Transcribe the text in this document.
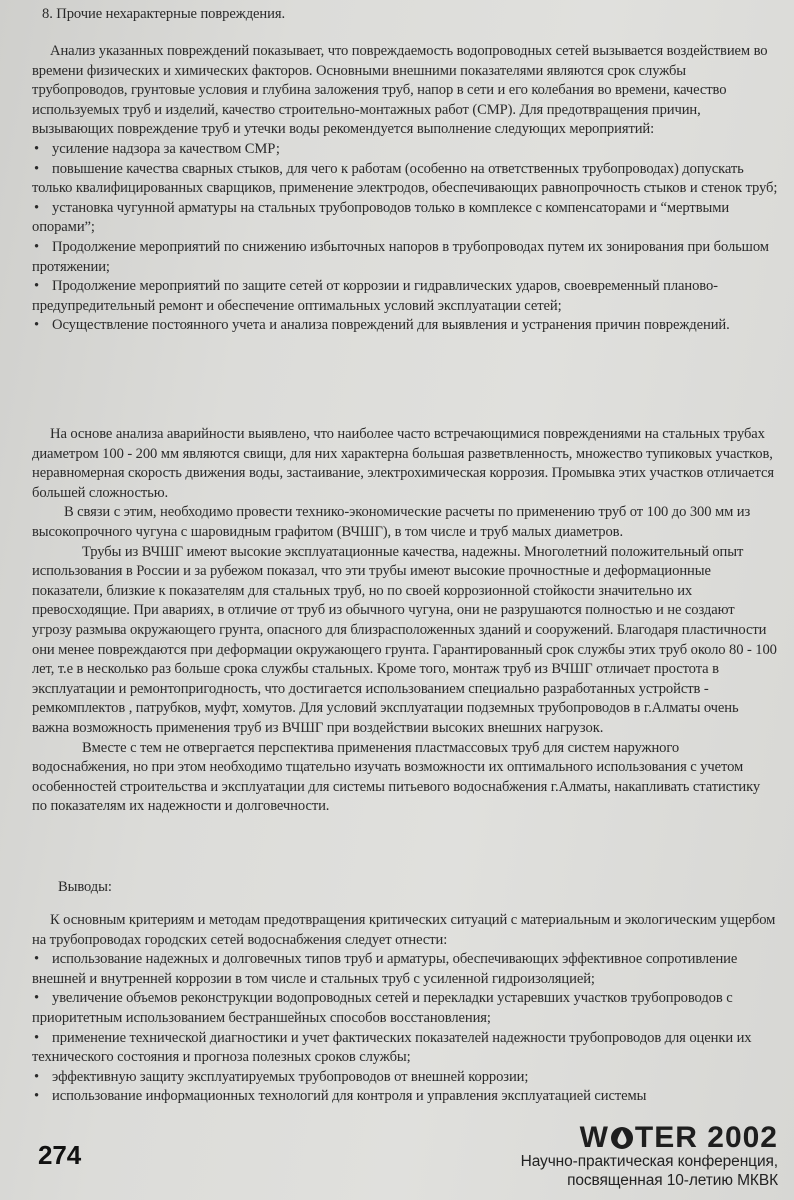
8. Прочие нехарактерные повреждения.

Анализ указанных повреждений показывает, что повреждаемость водопроводных сетей вызывается воздействием во времени физических и химических факторов. Основными внешними показателями являются срок службы трубопроводов, грунтовые условия и глубина заложения труб, напор в сети и его колебания во времени, качество используемых труб и изделий, качество строительно-монтажных работ (СМР). Для предотвращения причин, вызывающих повреждение труб и утечки воды рекомендуется выполнение следующих мероприятий:

• усиление надзора за качеством СМР;
• повышение качества сварных стыков, для чего к работам (особенно на ответственных трубопроводах) допускать только квалифицированных сварщиков, применение электродов, обеспечивающих равнопрочность стыков и стенок труб;
• установка чугунной арматуры на стальных трубопроводов только в комплексе с компенсаторами и “мертвыми опорами”;
• Продолжение мероприятий по снижению избыточных напоров в трубопроводах путем их зонирования при большом протяжении;
• Продолжение мероприятий по защите сетей от коррозии и гидравлических ударов, своевременный планово-предупредительный ремонт и обеспечение оптимальных условий эксплуатации сетей;
• Осуществление постоянного учета и анализа повреждений для выявления и устранения причин повреждений.

На основе анализа аварийности выявлено, что наиболее часто встречающимися повреждениями на стальных трубах диаметром 100 - 200 мм являются свищи, для них характерна большая разветвленность, множество тупиковых участков, неравномерная скорость движения воды, застаивание, электрохимическая коррозия. Промывка этих участков отличается большей сложностью.

В связи с этим, необходимо провести технико-экономические расчеты по применению труб от 100 до 300 мм из высокопрочного чугуна с шаровидным графитом (ВЧШГ), в том числе и труб малых диаметров.

Трубы из ВЧШГ имеют высокие эксплуатационные качества, надежны. Многолетний положительный опыт использования в России и за рубежом показал, что эти трубы имеют высокие прочностные и деформационные показатели, близкие к показателям для стальных труб, но по своей коррозионной стойкости значительно их превосходящие. При авариях, в отличие от труб из обычного чугуна, они не разрушаются полностью и не создают угрозу размыва окружающего грунта, опасного для близрасположенных зданий и сооружений. Благодаря пластичности они менее повреждаются при деформации окружающего грунта. Гарантированный срок службы этих труб около 80 - 100 лет, т.е в несколько раз больше срока службы стальных. Кроме того, монтаж труб из ВЧШГ отличает простота в эксплуатации и ремонтопригодность, что достигается использованием специально разработанных устройств - ремкомплектов , патрубков, муфт, хомутов. Для условий эксплуатации подземных трубопроводов в г.Алматы очень важна возможность применения труб из ВЧШГ при воздействии высоких внешних нагрузок.

Вместе с тем не отвергается перспектива применения пластмассовых труб для систем наружного водоснабжения, но при этом необходимо тщательно изучать возможности их оптимального использования с учетом особенностей строительства и эксплуатации для системы питьевого водоснабжения г.Алматы, накапливать статистику по показателям их надежности и долговечности.

Выводы:

К основным критериям и методам предотвращения критических ситуаций с материальным и экологическим ущербом на трубопроводах городских сетей водоснабжения следует отнести:

• использование надежных и долговечных типов труб и арматуры, обеспечивающих эффективное сопротивление внешней и внутренней коррозии в том числе и стальных труб с усиленной гидроизоляцией;
• увеличение объемов реконструкции водопроводных сетей и перекладки устаревших участков трубопроводов с приоритетным использованием бестраншейных способов восстановления;
• применение технической диагностики и учет фактических показателей надежности трубопроводов для оценки их технического состояния и прогноза полезных сроков службы;
• эффективную защиту эксплуатируемых трубопроводов от внешней коррозии;
• использование информационных технологий для контроля и управления эксплуатацией системы
274
W TER 2002
Научно-практическая конференция,
посвященная 10-летию МКВК
